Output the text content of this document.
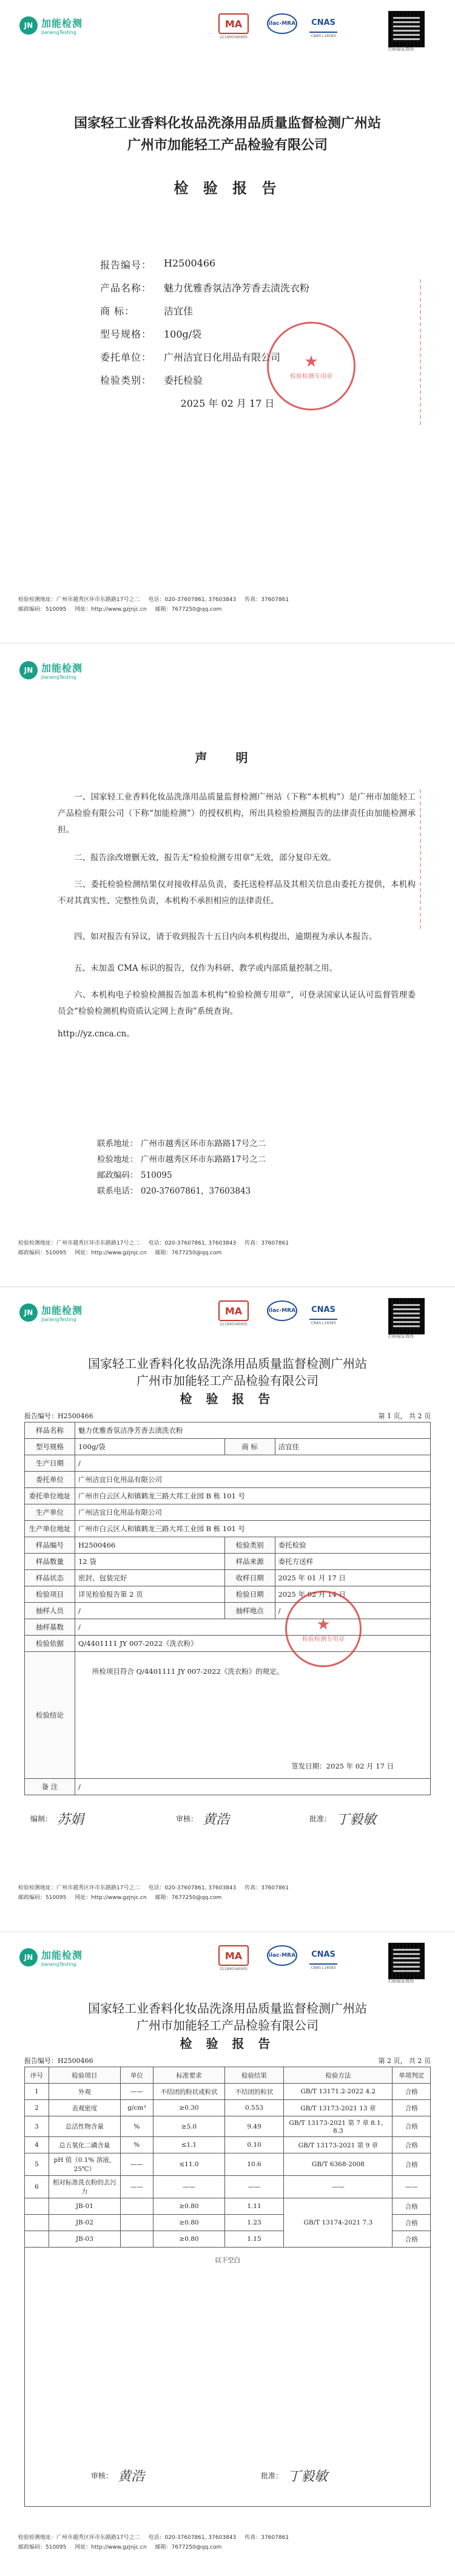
JN 加能检测
JianengTesting
MA
211900340005
ilac-MRA CNAS
CNAS L16583
扫码验证真伪
国家轻工业香料化妆品洗涤用品质量监督检测广州站
广州市加能轻工产品检验有限公司
检 验 报 告
报告编号：	H2500466
产品名称：	魅力优雅香氛洁净芳香去渍洗衣粉
商 标：	洁宜佳
型号规格：	100g/袋
委托单位：	广州洁宜日化用品有限公司
检验类别：	委托检验
★
检验检测专用章
2025 年 02 月 17 日
检验检测地址：广州市越秀区环市东路路17号之二 电话：020-37607861, 37603843 传真：37607861
邮政编码：510095 网址：http://www.gzjnjc.cn 邮箱：7677250@qq.com
JN 加能检测
JianengTesting
声 明
一、国家轻工业香料化妆品洗涤用品质量监督检测广州站（下称“本机构”）是广州市加能轻工产品检验有限公司（下称“加能检测”）的授权机构，所出具检验检测报告的法律责任由加能检测承担。
二、报告涂改增删无效，报告无“检验检测专用章”无效，部分复印无效。
三、委托检验检测结果仅对接收样品负责，委托送检样品及其相关信息由委托方提供，本机构不对其真实性、完整性负责，本机构不承担相应的法律责任。
四、如对报告有异议，请于收到报告十五日内向本机构提出，逾期视为承认本报告。
五、未加盖 CMA 标识的报告，仅作为科研、教学或内部质量控制之用。
六、本机构电子检验检测报告加盖本机构“检验检测专用章”，可登录国家认证认可监督管理委员会“检验检测机构资质认定网上查询”系统查询。
http://yz.cnca.cn。
联系地址： 广州市越秀区环市东路路17号之二
检验地址： 广州市越秀区环市东路路17号之二
邮政编码： 510095
联系电话： 020-37607861，37603843
检验检测地址：广州市越秀区环市东路路17号之二 电话：020-37607861, 37603843 传真：37607861
邮政编码：510095 网址：http://www.gzjnjc.cn 邮箱：7677250@qq.com
JN 加能检测
JianengTesting
MA
211900340005
ilac-MRA CNAS
CNAS L16583
扫码验证真伪
国家轻工业香料化妆品洗涤用品质量监督检测广州站
广州市加能轻工产品检验有限公司
检 验 报 告
报告编号：H2500466	第 1 页， 共 2 页
样品名称	魅力优雅香氛洁净芳香去渍洗衣粉		
型号规格	100g/袋	商 标	洁宜佳
生产日期	/		
委托单位	广州洁宜日化用品有限公司		
委托单位地址	广州市白云区人和镇鹤龙三路大邦工业园 B 栋 101 号		
生产单位	广州洁宜日化用品有限公司		
生产单位地址	广州市白云区人和镇鹤龙三路大邦工业园 B 栋 101 号		
样品编号	H2500466	检验类别	委托检验
样品数量	12 袋	样品来源	委托方送样
样品状态	密封、包装完好	收样日期	2025 年 01 月 17 日
检验项目	详见检验报告第 2 页	检验日期	2025 年 02 月 14 日
抽样人员	/	抽样地点	/
抽样基数	/		
检验依据	Q/4401111 JY 007-2022《洗衣粉》		
检验结论	所检项目符合 Q/4401111 JY 007-2022《洗衣粉》的规定。
签发日期：2025 年 02 月 17 日		

备 注	/		
★
检验检测专用章
编制： 苏娟	审核： 黄浩	批准： 丁毅敏
检验检测地址：广州市越秀区环市东路路17号之二 电话：020-37607861, 37603843 传真：37607861
邮政编码：510095 网址：http://www.gzjnjc.cn 邮箱：7677250@qq.com
JN 加能检测
JianengTesting
MA
211900340005
ilac-MRA CNAS
CNAS L16583
扫码验证真伪
国家轻工业香料化妆品洗涤用品质量监督检测广州站
广州市加能轻工产品检验有限公司
检 验 报 告
报告编号：H2500466	第 2 页， 共 2 页
序号	检验项目	单位	标准要求	检验结果	检验方法	单项判定
1	外观	——	不结团的粉状或粒状	不结团的粒状	GB/T 13171.2-2022 4.2	合格
2	表观密度	g/cm³	≥0.30	0.553	GB/T 13173-2021 13 章	合格
3	总活性物含量	%	≥5.0	9.49	GB/T 13173-2021 第 7 章 8.1、8.3	合格
4	总五氧化二磷含量	%	≤1.1	0.10	GB/T 13173-2021 第 9 章	合格
5	pH 值（0.1% 溶液，25℃）	——	≤11.0	10.6	GB/T 6368-2008	合格
6	相对标准洗衣粉的去污力	——	——	——	——	——
	JB-01		≥0.80	1.11	GB/T 13174-2021 7.3	合格
	JB-02		≥0.80	1.23		合格
	JB-03		≥0.80	1.15		合格

以下空白						
审核： 黄浩	批准： 丁毅敏
检验检测地址：广州市越秀区环市东路路17号之二 电话：020-37607861, 37603843 传真：37607861
邮政编码：510095 网址：http://www.gzjnjc.cn 邮箱：7677250@qq.com
